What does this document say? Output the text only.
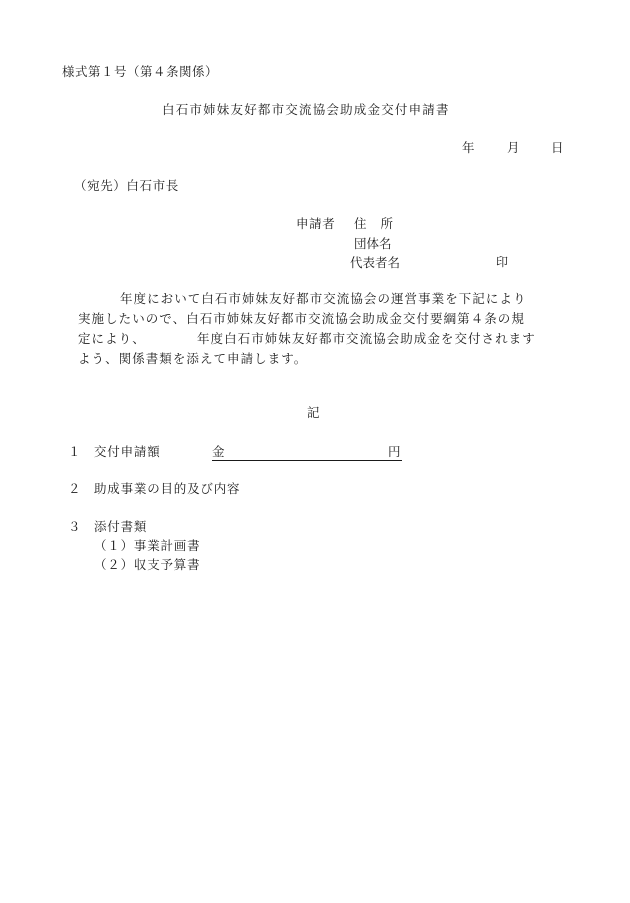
様式第１号（第４条関係）
白石市姉妹友好都市交流協会助成金交付申請書
年	月	日
（宛先）白石市長
申請者 住 所
団体名
代表者名	印
年度において白石市姉妹友好都市交流協会の運営事業を下記により
実施したいので、白石市姉妹友好都市交流協会助成金交付要綱第４条の規
定により、	年度白石市姉妹友好都市交流協会助成金を交付されます
よう、関係書類を添えて申請します。
記
１ 交付申請額	金	円
２ 助成事業の目的及び内容
３ 添付書類
（１）事業計画書
（２）収支予算書
